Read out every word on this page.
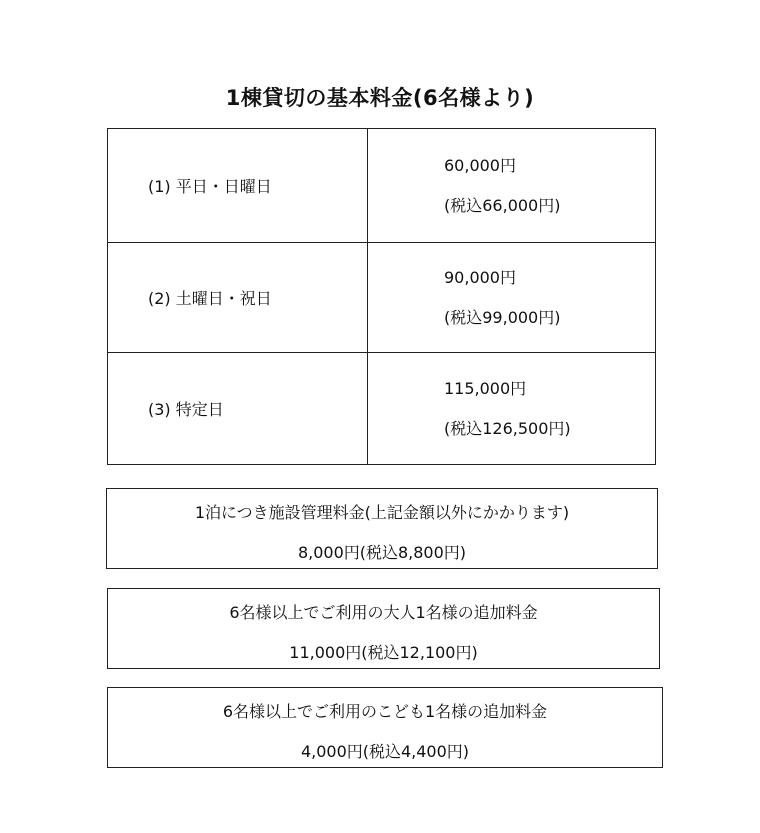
1棟貸切の基本料金(6名様より)
(1) 平日・日曜日	60,000円
(税込66,000円)

(2) 土曜日・祝日	90,000円
(税込99,000円)

(3) 特定日	115,000円
(税込126,500円)
1泊につき施設管理料金(上記金額以外にかかります)
8,000円(税込8,800円)
6名様以上でご利用の大人1名様の追加料金
11,000円(税込12,100円)
6名様以上でご利用のこども1名様の追加料金
4,000円(税込4,400円)
